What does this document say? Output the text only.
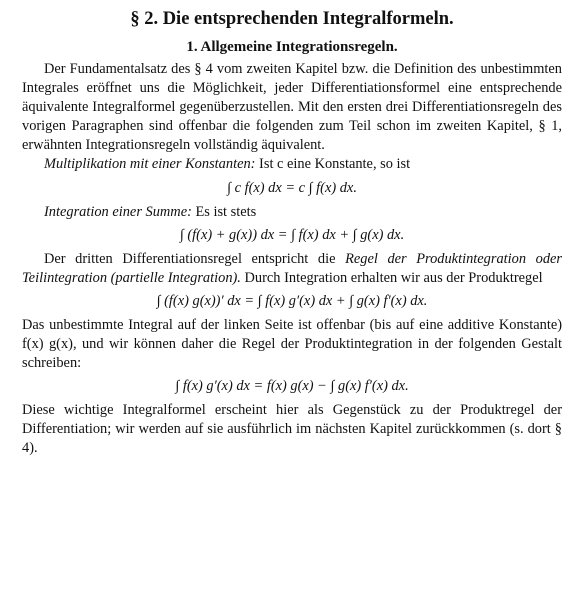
§ 2. Die entsprechenden Integralformeln.
1. Allgemeine Integrationsregeln.

Der Fundamentalsatz des § 4 vom zweiten Kapitel bzw. die Definition des unbestimmten Integrales eröffnet uns die Möglichkeit, jeder Differentiationsformel eine entsprechende äquivalente Integralformel gegenüberzustellen. Mit den ersten drei Differentiationsregeln des vorigen Paragraphen sind offenbar die folgenden zum Teil schon im zweiten Kapitel, § 1, erwähnten Integrationsregeln vollständig äquivalent.

Multiplikation mit einer Konstanten: Ist c eine Konstante, so ist

∫ c f(x) dx = c ∫ f(x) dx.

Integration einer Summe: Es ist stets

∫ (f(x) + g(x)) dx = ∫ f(x) dx + ∫ g(x) dx.

Der dritten Differentiationsregel entspricht die Regel der Produktintegration oder Teilintegration (partielle Integration). Durch Integration erhalten wir aus der Produktregel

∫ (f(x) g(x))′ dx = ∫ f(x) g′(x) dx + ∫ g(x) f′(x) dx.

Das unbestimmte Integral auf der linken Seite ist offenbar (bis auf eine additive Konstante) f(x) g(x), und wir können daher die Regel der Produktintegration in der folgenden Gestalt schreiben:

∫ f(x) g′(x) dx = f(x) g(x) − ∫ g(x) f′(x) dx.

Diese wichtige Integralformel erscheint hier als Gegenstück zu der Produktregel der Differentiation; wir werden auf sie ausführlich im nächsten Kapitel zurückkommen (s. dort § 4).
